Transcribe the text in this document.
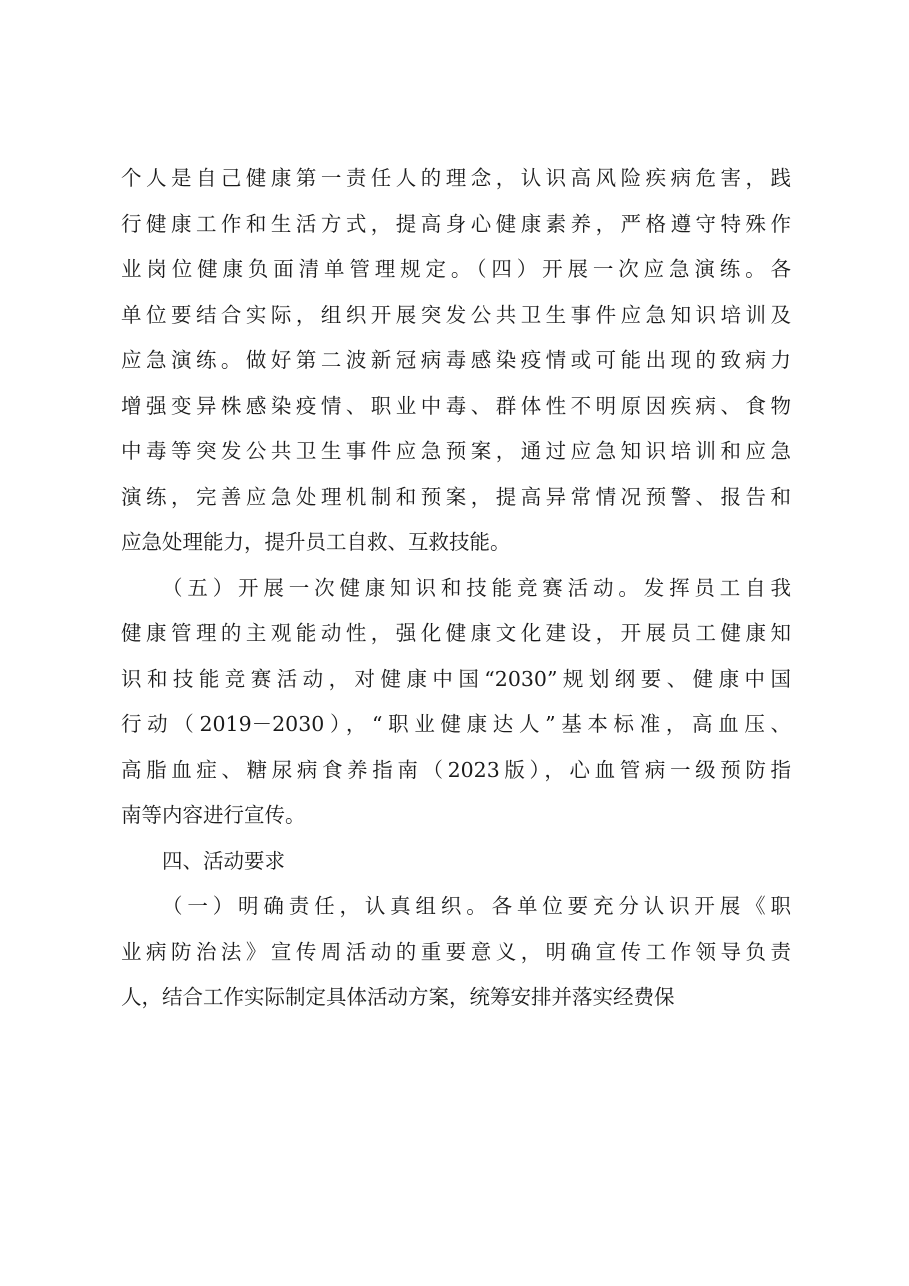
个人是自己健康第一责任人的理念，认识高风险疾病危害，践
行健康工作和生活方式，提高身心健康素养，严格遵守特殊作
业岗位健康负面清单管理规定。（四）开展一次应急演练。各
单位要结合实际，组织开展突发公共卫生事件应急知识培训及
应急演练。做好第二波新冠病毒感染疫情或可能出现的致病力
增强变异株感染疫情、职业中毒、群体性不明原因疾病、食物
中毒等突发公共卫生事件应急预案，通过应急知识培训和应急
演练，完善应急处理机制和预案，提高异常情况预警、报告和
应急处理能力，提升员工自救、互救技能。
（五）开展一次健康知识和技能竞赛活动。发挥员工自我
健康管理的主观能动性，强化健康文化建设，开展员工健康知
识和技能竞赛活动，对健康中国“2030”规划纲要、健康中国
行动（2019－2030），“职业健康达人”基本标准，高血压、
高脂血症、糖尿病食养指南（2023版），心血管病一级预防指
南等内容进行宣传。
四、活动要求
（一）明确责任，认真组织。各单位要充分认识开展《职
业病防治法》宣传周活动的重要意义，明确宣传工作领导负责
人，结合工作实际制定具体活动方案，统筹安排并落实经费保
